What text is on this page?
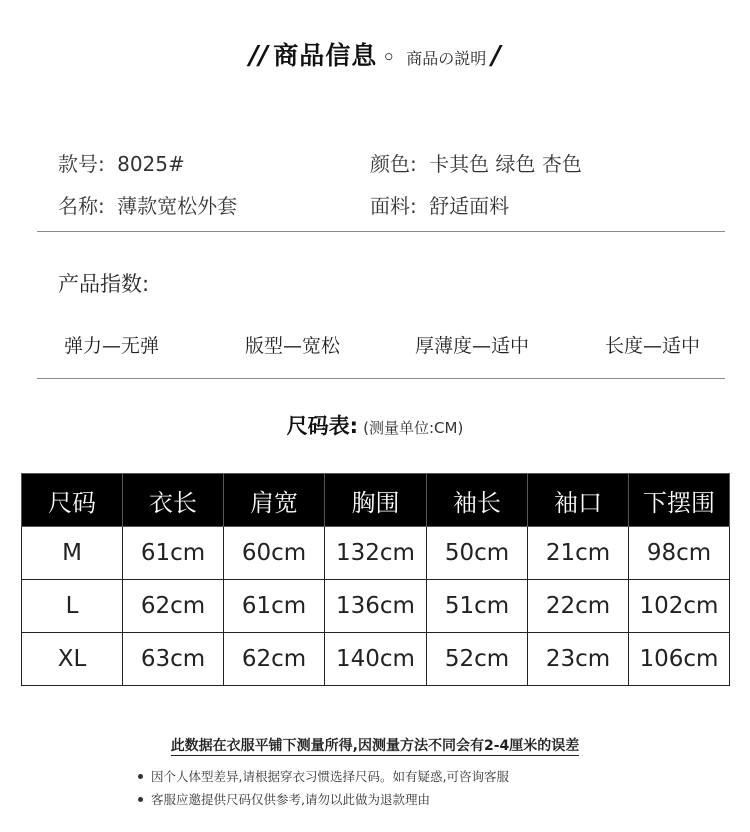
// 商品信息 ◦ 商品の説明 /
款号: 8025#	颜色: 卡其色 绿色 杏色
名称: 薄款宽松外套	面料: 舒适面料
产品指数:
弹力—无弹	版型—宽松	厚薄度—适中	长度—适中
尺码表: (测量单位:CM)
尺码	衣长	肩宽	胸围	袖长	袖口	下摆围
M	61cm	60cm	132cm	50cm	21cm	98cm
L	62cm	61cm	136cm	51cm	22cm	102cm
XL	63cm	62cm	140cm	52cm	23cm	106cm
此数据在衣服平铺下测量所得,因测量方法不同会有2-4厘米的误差
因个人体型差异,请根据穿衣习惯选择尺码。如有疑惑,可咨询客服
客服应邀提供尺码仅供参考,请勿以此做为退款理由
